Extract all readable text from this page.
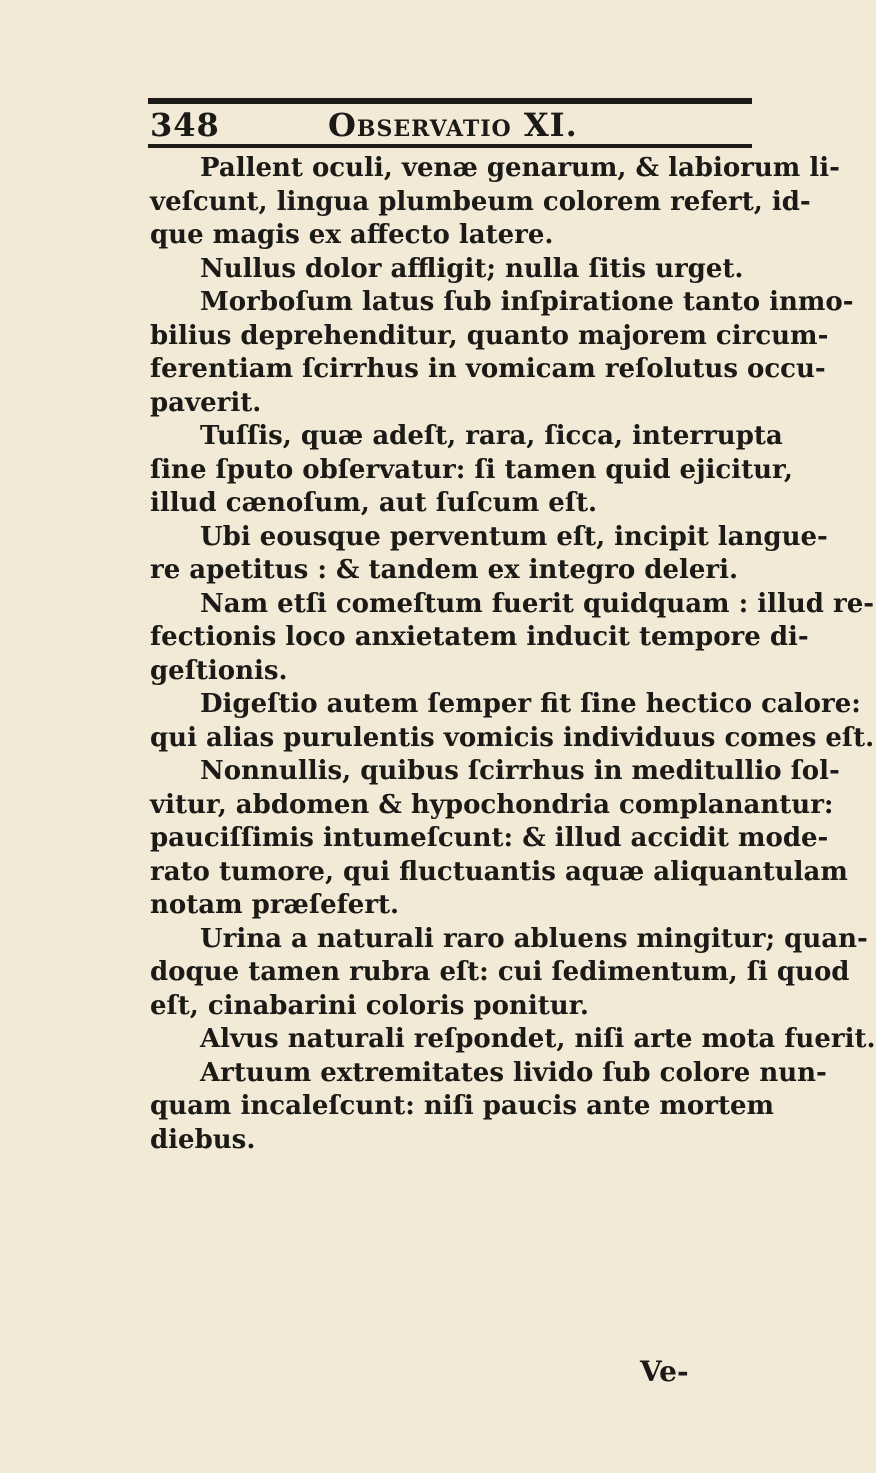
348	Observatio XI.
Pallent oculi, venæ genarum, & labiorum li-
veſcunt, lingua plumbeum colorem refert, id-
que magis ex affecto latere.
Nullus dolor affligit; nulla ſitis urget.
Morboſum latus ſub inſpiratione tanto inmo-
bilius deprehenditur, quanto majorem circum-
ferentiam ſcirrhus in vomicam reſolutus occu-
paverit.
Tuſſis, quæ adeſt, rara, ſicca, interrupta
ſine ſputo obſervatur: ſi tamen quid ejicitur,
illud cænoſum, aut ſuſcum eſt.
Ubi eousque perventum eſt, incipit langue-
re apetitus : & tandem ex integro deleri.
Nam etſi comeſtum fuerit quidquam : illud re-
fectionis loco anxietatem inducit tempore di-
geſtionis.
Digeſtio autem ſemper fit ſine hectico calore:
qui alias purulentis vomicis individuus comes eſt.
Nonnullis, quibus ſcirrhus in meditullio ſol-
vitur, abdomen & hypochondria complanantur:
pauciſſimis intumeſcunt: & illud accidit mode-
rato tumore, qui fluctuantis aquæ aliquantulam
notam præſefert.
Urina a naturali raro abluens mingitur; quan-
doque tamen rubra eſt: cui ſedimentum, ſi quod
eſt, cinabarini coloris ponitur.
Alvus naturali reſpondet, niſi arte mota fuerit.
Artuum extremitates livido ſub colore nun-
quam incaleſcunt: niſi paucis ante mortem
diebus.
Ve-
